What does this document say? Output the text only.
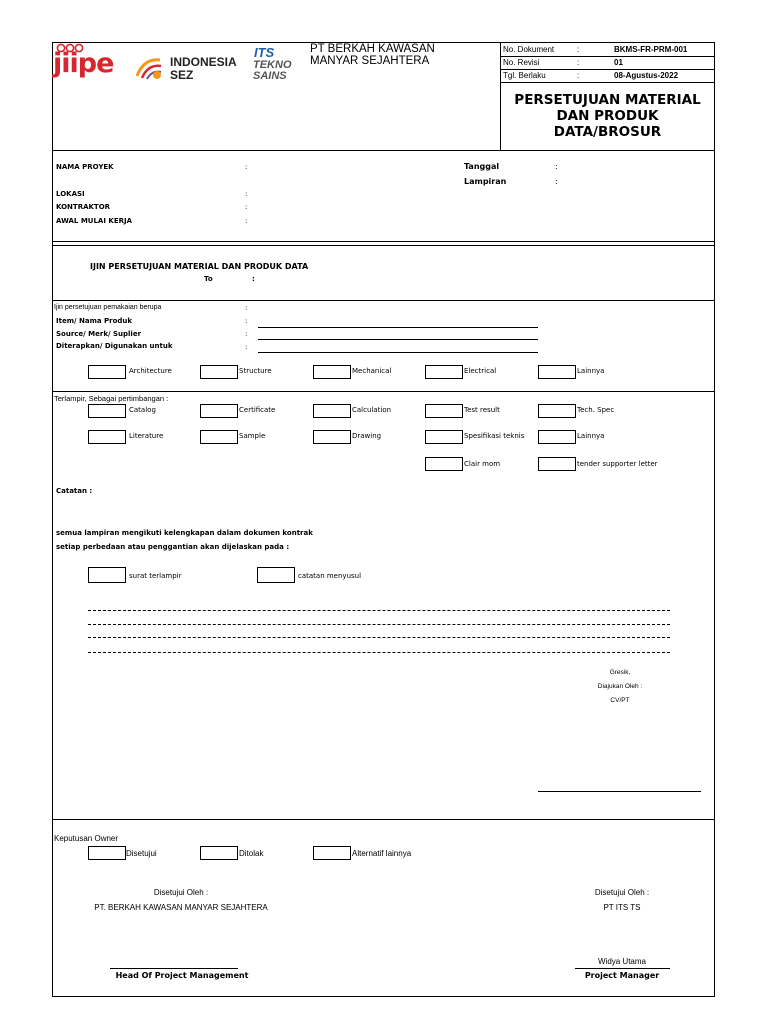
jiipe	INDONESIA
SEZ
ITS
TEKNO
SAINS
PT BERKAH KAWASAN
MANYAR SEJAHTERA
No. Dokument	:	BKMS-FR-PRM-001
No. Revisi	:	01
Tgl. Berlaku	:	08-Agustus-2022
PERSETUJUAN MATERIAL
DAN PRODUK
DATA/BROSUR
NAMA PROYEK	:
LOKASI	:
KONTRAKTOR	:
AWAL MULAI KERJA	:
Tanggal	:
Lampiran	:
IJIN PERSETUJUAN MATERIAL DAN PRODUK DATA
To	:
Ijin persetujuan pemakaian berupa	:
Item/ Nama Produk	:
Source/ Merk/ Suplier	:
Diterapkan/ Digunakan untuk	:
Architecture	Structure	Mechanical	Electrical	Lainnya
Terlampir, Sebagai pertimbangan :
Catalog	Certificate	Calculation	Test result	Tech. Spec
Literature	Sample	Drawing	Spesifikasi teknis	Lainnya
Clair mom	tender supporter letter
Catatan :
semua lampiran mengikuti kelengkapan dalam dokumen kontrak
setiap perbedaan atau penggantian akan dijelaskan pada :
surat terlampir	catatan menyusul
Gresik,
Diajukan Oleh :
CV/PT
Keputusan Owner
Disetujui	Ditolak	Alternatif lainnya
Disetujui Oleh :
PT. BERKAH KAWASAN MANYAR SEJAHTERA
Disetujui Oleh :
PT ITS TS
Widya Utama
Head Of Project Management	Project Manager
